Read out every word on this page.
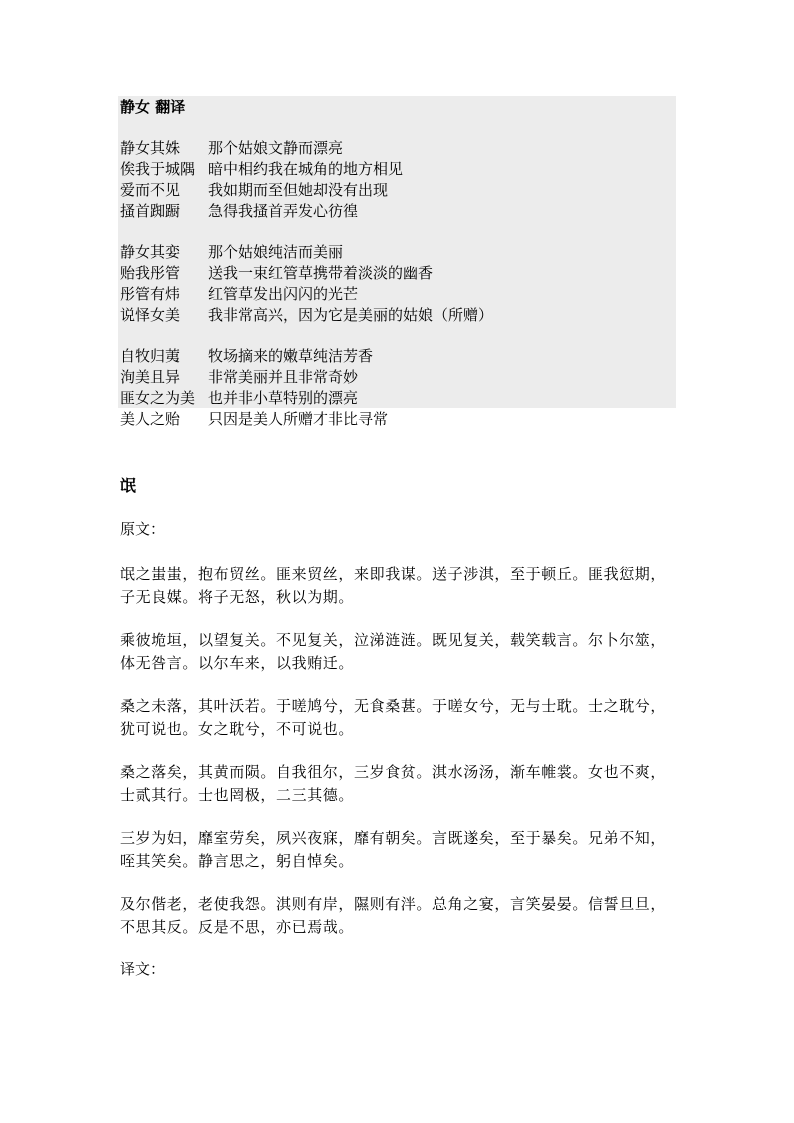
静女 翻译
静女其姝 那个姑娘文静而漂亮
俟我于城隅 暗中相约我在城角的地方相见
爱而不见 我如期而至但她却没有出现
搔首踟蹰 急得我搔首弄发心彷徨
静女其娈 那个姑娘纯洁而美丽
贻我彤管 送我一束红管草携带着淡淡的幽香
彤管有炜 红管草发出闪闪的光芒
说怿女美 我非常高兴，因为它是美丽的姑娘（所赠）
自牧归荑 牧场摘来的嫩草纯洁芳香
洵美且异 非常美丽并且非常奇妙
匪女之为美 也并非小草特别的漂亮
美人之贻 只因是美人所赠才非比寻常
氓
原文：
氓之蚩蚩，抱布贸丝。匪来贸丝，来即我谋。送子涉淇，至于顿丘。匪我愆期，
子无良媒。将子无怒，秋以为期。
乘彼垝垣，以望复关。不见复关，泣涕涟涟。既见复关，载笑载言。尔卜尔筮，
体无咎言。以尔车来，以我贿迁。
桑之未落，其叶沃若。于嗟鸠兮，无食桑葚。于嗟女兮，无与士耽。士之耽兮，
犹可说也。女之耽兮，不可说也。
桑之落矣，其黄而陨。自我徂尔，三岁食贫。淇水汤汤，渐车帷裳。女也不爽，
士贰其行。士也罔极，二三其德。
三岁为妇，靡室劳矣，夙兴夜寐，靡有朝矣。言既遂矣，至于暴矣。兄弟不知，
咥其笑矣。静言思之，躬自悼矣。
及尔偕老，老使我怨。淇则有岸，隰则有泮。总角之宴，言笑晏晏。信誓旦旦，
不思其反。反是不思，亦已焉哉。
译文：
